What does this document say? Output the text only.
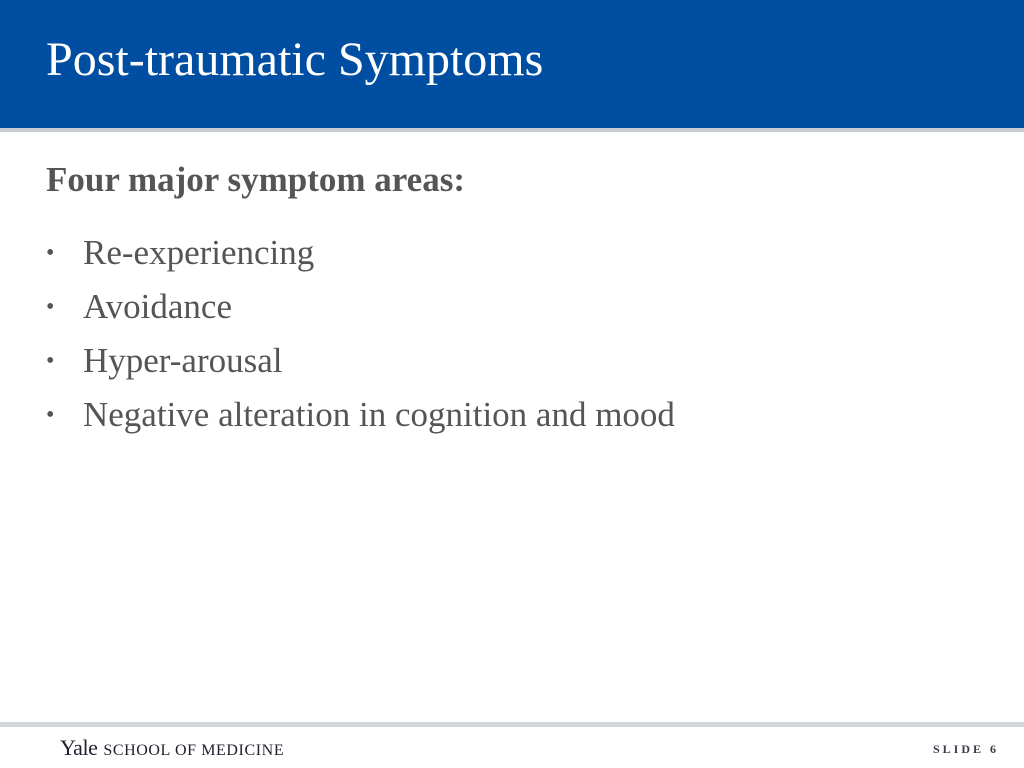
Post-traumatic Symptoms
Four major symptom areas:
• Re-experiencing
• Avoidance
• Hyper-arousal
• Negative alteration in cognition and mood
Yale SCHOOL OF MEDICINE	SLIDE 6
